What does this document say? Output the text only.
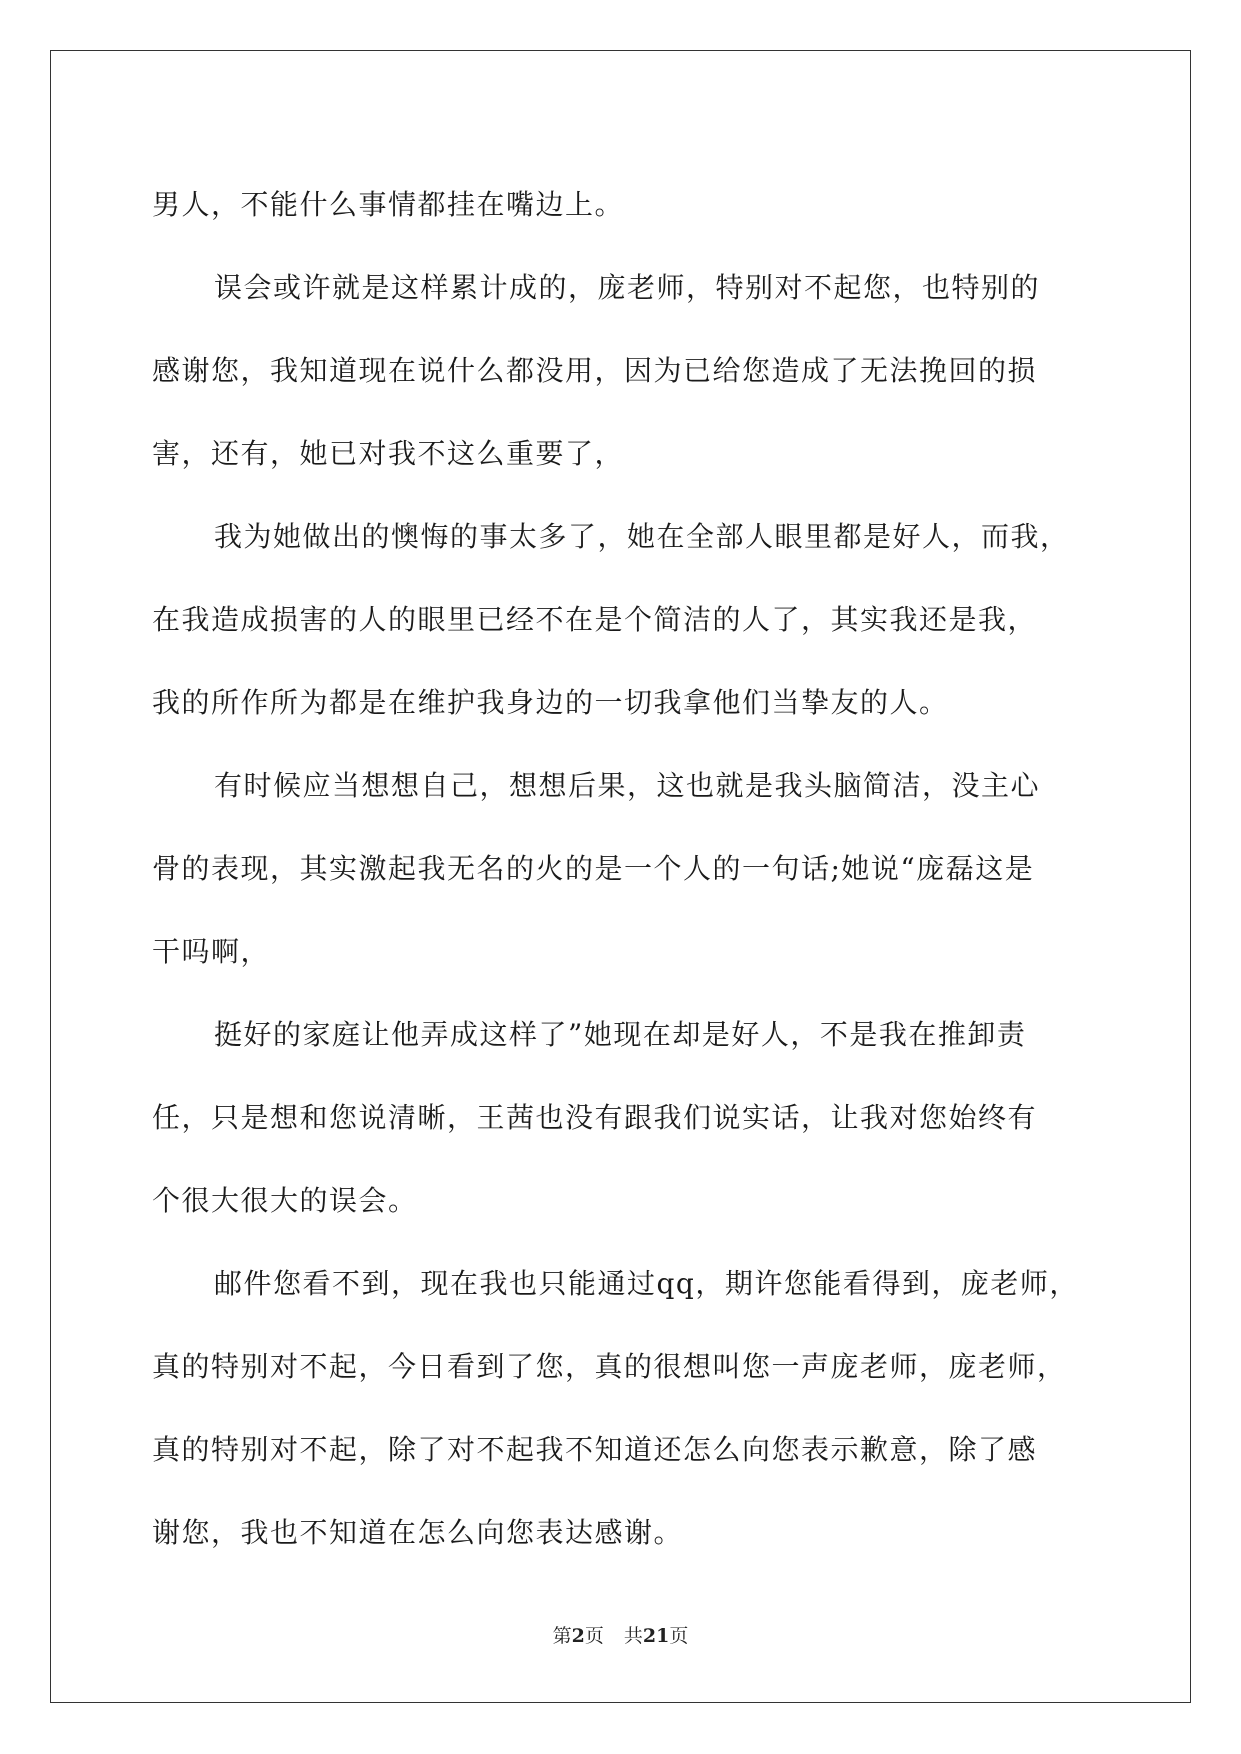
男人，不能什么事情都挂在嘴边上。
误会或许就是这样累计成的，庞老师，特别对不起您，也特别的
感谢您，我知道现在说什么都没用，因为已给您造成了无法挽回的损
害，还有，她已对我不这么重要了，
我为她做出的懊悔的事太多了，她在全部人眼里都是好人，而我，
在我造成损害的人的眼里已经不在是个简洁的人了，其实我还是我，
我的所作所为都是在维护我身边的一切我拿他们当挚友的人。
有时候应当想想自己，想想后果，这也就是我头脑简洁，没主心
骨的表现，其实激起我无名的火的是一个人的一句话;她说“庞磊这是
干吗啊，
挺好的家庭让他弄成这样了”她现在却是好人，不是我在推卸责
任，只是想和您说清晰，王茜也没有跟我们说实话，让我对您始终有
个很大很大的误会。
邮件您看不到，现在我也只能通过qq，期许您能看得到，庞老师，
真的特别对不起，今日看到了您，真的很想叫您一声庞老师，庞老师，
真的特别对不起，除了对不起我不知道还怎么向您表示歉意，除了感
谢您，我也不知道在怎么向您表达感谢。
第2页 共21页
